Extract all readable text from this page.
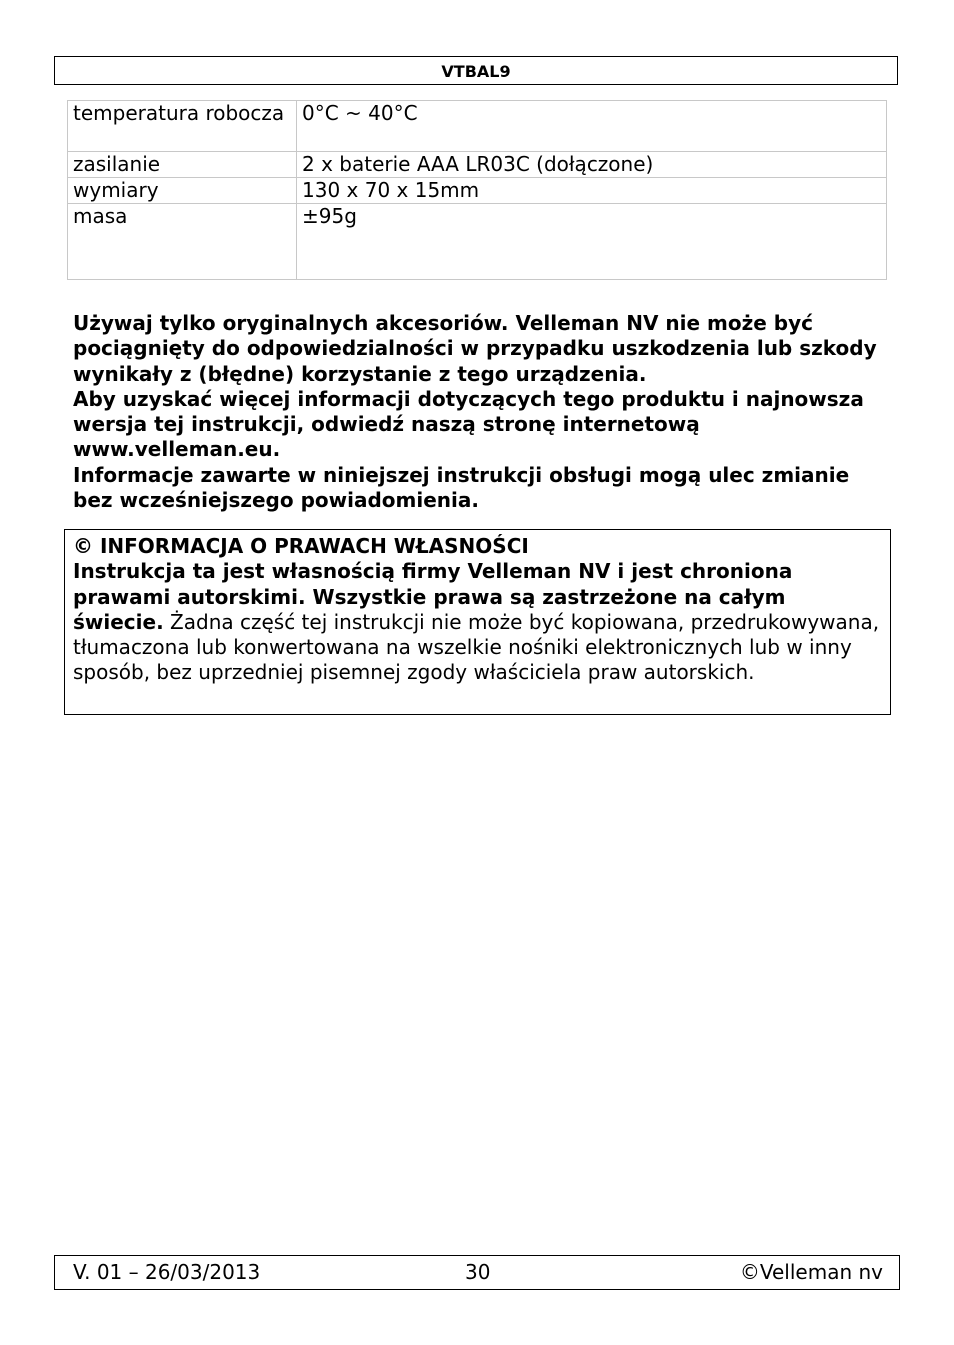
VTBAL9
temperatura robocza	0°C ~ 40°C
zasilanie	2 x baterie AAA LR03C (dołączone)
wymiary	130 x 70 x 15mm
masa	±95g

Używaj tylko oryginalnych akcesoriów. Velleman NV nie może być pociągnięty do odpowiedzialności w przypadku uszkodzenia lub szkody wynikały z (błędne) korzystanie z tego urządzenia.

Aby uzyskać więcej informacji dotyczących tego produktu i najnowsza wersja tej instrukcji, odwiedź naszą stronę internetową www.velleman.eu.

Informacje zawarte w niniejszej instrukcji obsługi mogą ulec zmianie bez wcześniejszego powiadomienia.

© INFORMACJA O PRAWACH WŁASNOŚCI
Instrukcja ta jest własnością firmy Velleman NV i jest chroniona prawami autorskimi. Wszystkie prawa są zastrzeżone na całym świecie. Żadna część tej instrukcji nie może być kopiowana, przedrukowywana, tłumaczona lub konwertowana na wszelkie nośniki elektronicznych lub w inny sposób, bez uprzedniej pisemnej zgody właściciela praw autorskich.
V. 01 – 26/03/2013	30	©Velleman nv
